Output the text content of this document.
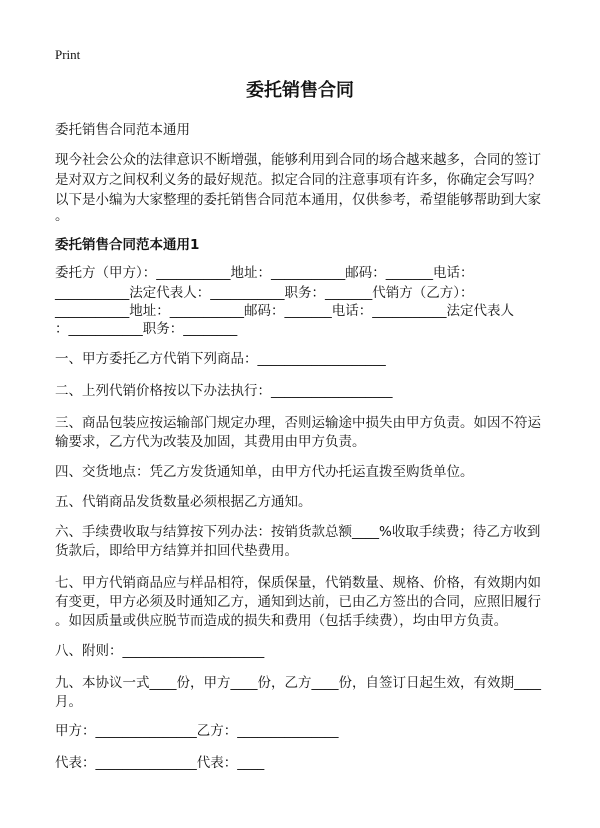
Print
委托销售合同
委托销售合同范本通用
现今社会公众的法律意识不断增强，能够利用到合同的场合越来越多，合同的签订
是对双方之间权利义务的最好规范。拟定合同的注意事项有许多，你确定会写吗？
以下是小编为大家整理的委托销售合同范本通用，仅供参考，希望能够帮助到大家
。
委托销售合同范本通用1
委托方（甲方）：___________地址：___________邮码：_______电话：
___________法定代表人：___________职务：_______代销方（乙方）：
___________地址：___________邮码：_______电话：___________法定代表人
：___________职务：________
一、甲方委托乙方代销下列商品：___________________
二、上列代销价格按以下办法执行：__________________
三、商品包装应按运输部门规定办理，否则运输途中损失由甲方负责。如因不符运
输要求，乙方代为改装及加固，其费用由甲方负责。
四、交货地点：凭乙方发货通知单，由甲方代办托运直拨至购货单位。
五、代销商品发货数量必须根据乙方通知。
六、手续费收取与结算按下列办法：按销货款总额____%收取手续费；待乙方收到
货款后，即给甲方结算并扣回代垫费用。
七、甲方代销商品应与样品相符，保质保量，代销数量、规格、价格，有效期内如
有变更，甲方必须及时通知乙方，通知到达前，已由乙方签出的合同，应照旧履行
。如因质量或供应脱节而造成的损失和费用（包括手续费），均由甲方负责。
八、附则：_____________________
九、本协议一式____份，甲方____份，乙方____份，自签订日起生效，有效期____
月。
甲方：_______________乙方：_______________
代表：_______________代表：____
